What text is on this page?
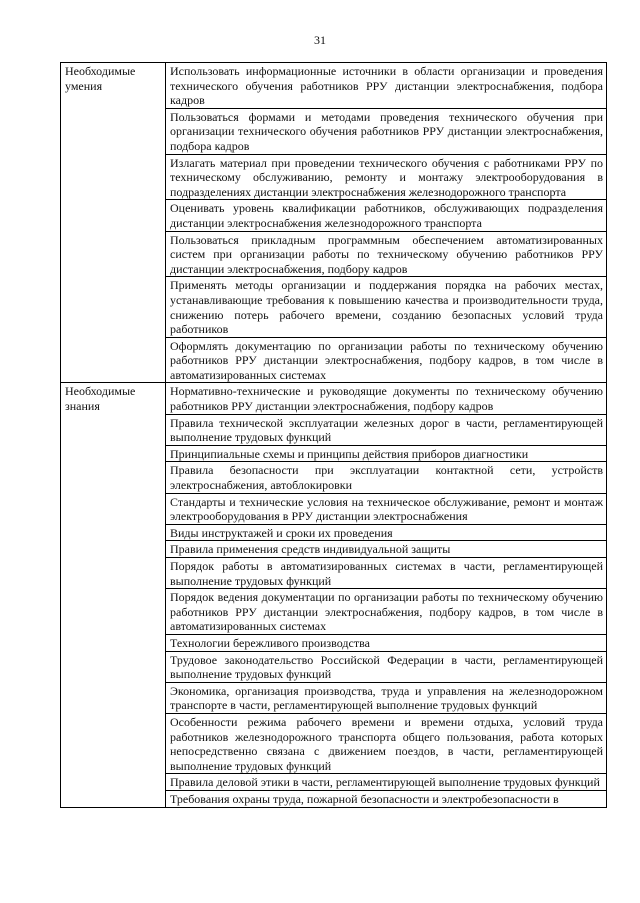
31
Необходимые умения	Использовать информационные источники в области организации и проведения технического обучения работников РРУ дистанции электроснабжения, подбора кадров
	Пользоваться формами и методами проведения технического обучения при организации технического обучения работников РРУ дистанции электроснабжения, подбора кадров
	Излагать материал при проведении технического обучения с работниками РРУ по техническому обслуживанию, ремонту и монтажу электрооборудования в подразделениях дистанции электроснабжения железнодорожного транспорта
	Оценивать уровень квалификации работников, обслуживающих подразделения дистанции электроснабжения железнодорожного транспорта
	Пользоваться прикладным программным обеспечением автоматизированных систем при организации работы по техническому обучению работников РРУ дистанции электроснабжения, подбору кадров
	Применять методы организации и поддержания порядка на рабочих местах, устанавливающие требования к повышению качества и производительности труда, снижению потерь рабочего времени, созданию безопасных условий труда работников
	Оформлять документацию по организации работы по техническому обучению работников РРУ дистанции электроснабжения, подбору кадров, в том числе в автоматизированных системах
Необходимые знания	Нормативно-технические и руководящие документы по техническому обучению работников РРУ дистанции электроснабжения, подбору кадров
	Правила технической эксплуатации железных дорог в части, регламентирующей выполнение трудовых функций
	Принципиальные схемы и принципы действия приборов диагностики
	Правила безопасности при эксплуатации контактной сети, устройств электроснабжения, автоблокировки
	Стандарты и технические условия на техническое обслуживание, ремонт и монтаж электрооборудования в РРУ дистанции электроснабжения
	Виды инструктажей и сроки их проведения
	Правила применения средств индивидуальной защиты
	Порядок работы в автоматизированных системах в части, регламентирующей выполнение трудовых функций
	Порядок ведения документации по организации работы по техническому обучению работников РРУ дистанции электроснабжения, подбору кадров, в том числе в автоматизированных системах
	Технологии бережливого производства
	Трудовое законодательство Российской Федерации в части, регламентирующей выполнение трудовых функций
	Экономика, организация производства, труда и управления на железнодорожном транспорте в части, регламентирующей выполнение трудовых функций
	Особенности режима рабочего времени и времени отдыха, условий труда работников железнодорожного транспорта общего пользования, работа которых непосредственно связана с движением поездов, в части, регламентирующей выполнение трудовых функций
	Правила деловой этики в части, регламентирующей выполнение трудовых функций
	Требования охраны труда, пожарной безопасности и электробезопасности в
